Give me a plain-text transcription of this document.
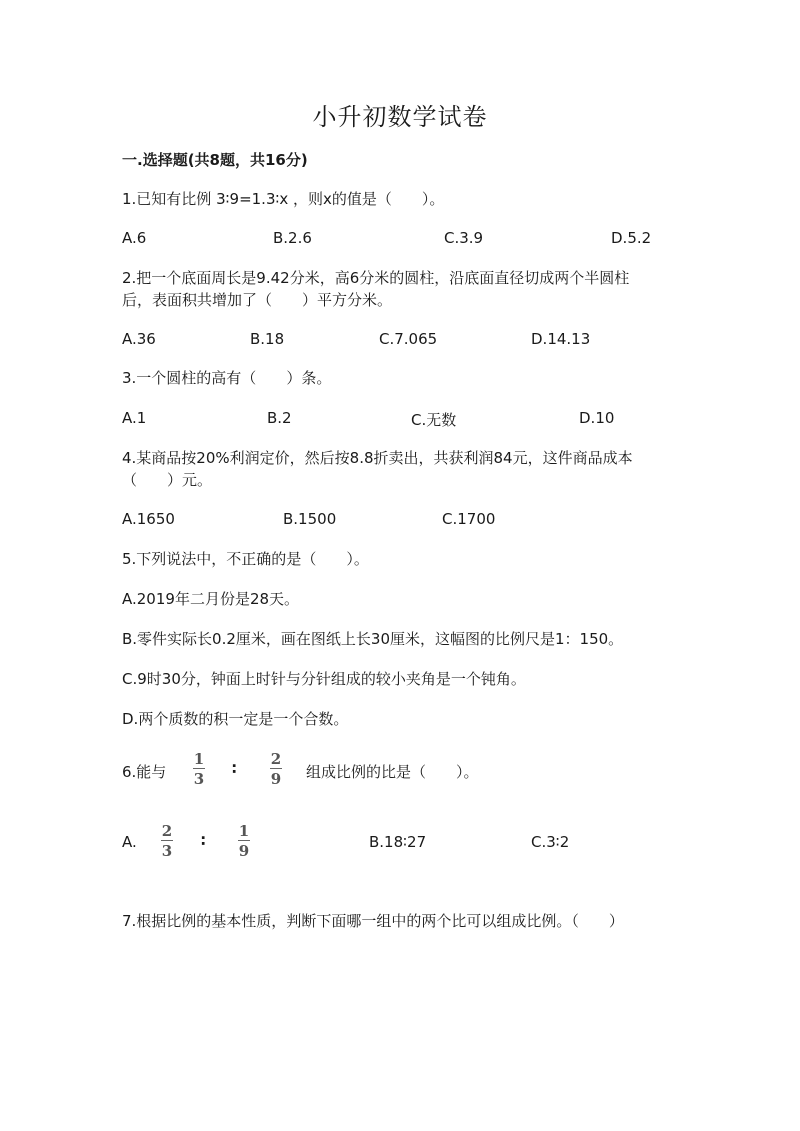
小升初数学试卷
一.选择题(共8题，共16分)
1.已知有比例 3∶9=1.3∶x ，则x的值是（　　）。
A.6	B.2.6	C.3.9	D.5.2
2.把一个底面周长是9.42分米，高6分米的圆柱，沿底面直径切成两个半圆柱
后，表面积共增加了（　　）平方分米。
A.36	B.18	C.7.065	D.14.13
3.一个圆柱的高有（　　）条。
A.1	B.2	C.无数	D.10
4.某商品按20%利润定价，然后按8.8折卖出，共获利润84元，这件商品成本
（　　）元。
A.1650	B.1500	C.1700
5.下列说法中，不正确的是（　　）。
A.2019年二月份是28天。
B.零件实际长0.2厘米，画在图纸上长30厘米，这幅图的比例尺是1：150。
C.9时30分，钟面上时针与分针组成的较小夹角是一个钝角。
D.两个质数的积一定是一个合数。
6.能与
1
3
∶
2
9 组成比例的比是（　　）。
A.
2
3
∶
1
9	B.18∶27	C.3∶2
7.根据比例的基本性质，判断下面哪一组中的两个比可以组成比例。（　　）
